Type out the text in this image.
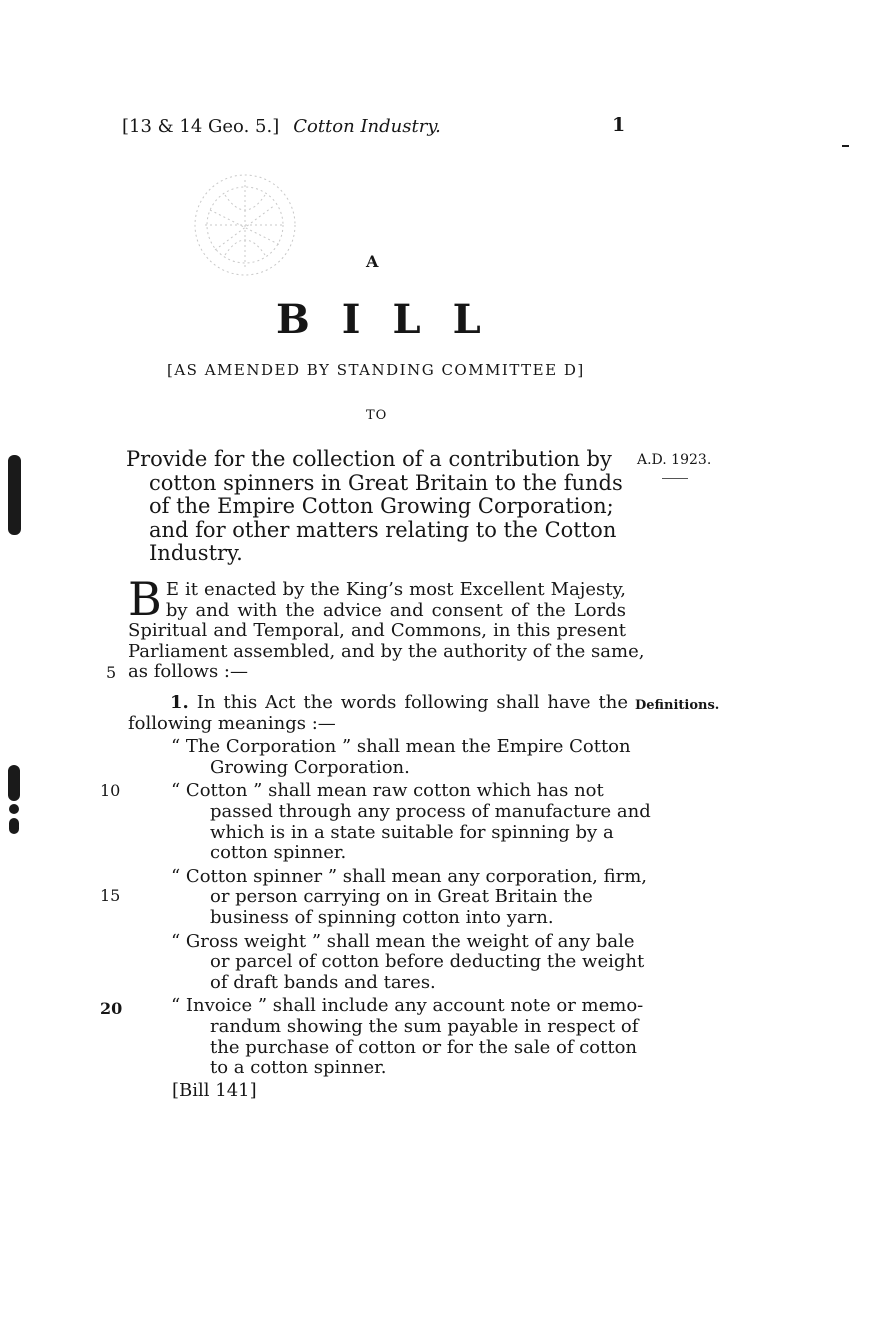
[13 & 14 Geo. 5.] Cotton Industry.	1
A
BILL
[AS AMENDED BY STANDING COMMITTEE D]
TO
Provide for the collection of a contribution by
cotton spinners in Great Britain to the funds
of the Empire Cotton Growing Corporation;
and for other matters relating to the Cotton
Industry.
A.D. 1923.
B E it enacted by the King’s most Excellent Majesty,
by and with the advice and consent of the Lords
Spiritual and Temporal, and Commons, in this present
Parliament assembled, and by the authority of the same,
as follows :—
1. In this Act the words following shall have the
following meanings :—
“ The Corporation ” shall mean the Empire Cotton
Growing Corporation.
“ Cotton ” shall mean raw cotton which has not
passed through any process of manufacture and
which is in a state suitable for spinning by a
cotton spinner.
“ Cotton spinner ” shall mean any corporation, firm,
or person carrying on in Great Britain the
business of spinning cotton into yarn.
“ Gross weight ” shall mean the weight of any bale
or parcel of cotton before deducting the weight
of draft bands and tares.
“ Invoice ” shall include any account note or memo-
randum showing the sum payable in respect of
the purchase of cotton or for the sale of cotton
to a cotton spinner.
Definitions.
5
10
15
20
[Bill 141]
